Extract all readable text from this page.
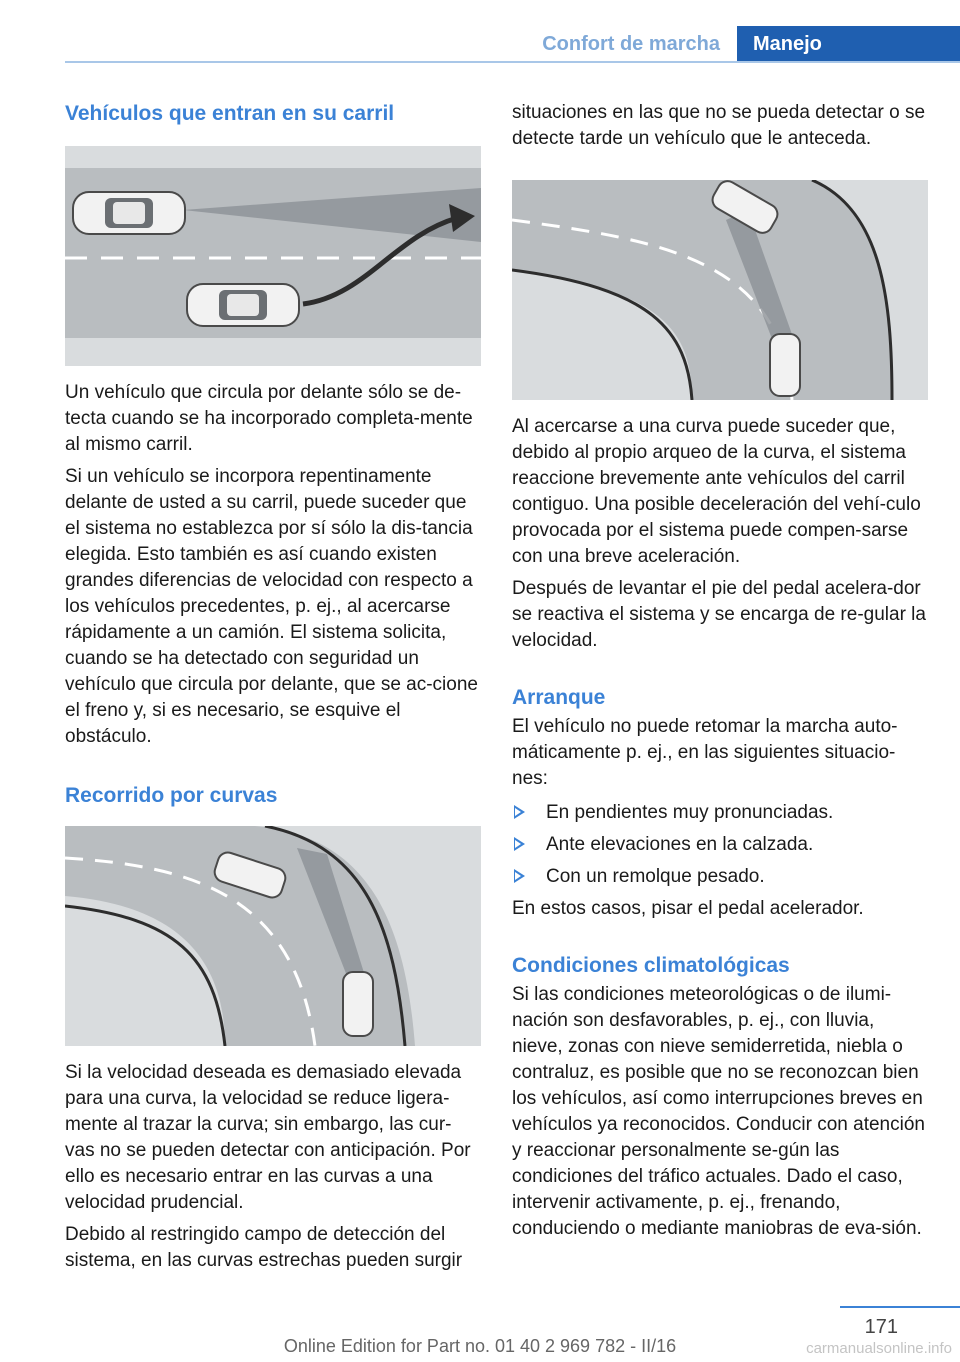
Confort de marcha	Manejo
Vehículos que entran en su carril

Un vehículo que circula por delante sólo se de-tecta cuando se ha incorporado completa-mente al mismo carril.

Si un vehículo se incorpora repentinamente delante de usted a su carril, puede suceder que el sistema no establezca por sí sólo la dis-tancia elegida. Esto también es así cuando existen grandes diferencias de velocidad con respecto a los vehículos precedentes, p. ej., al acercarse rápidamente a un camión. El sistema solicita, cuando se ha detectado con seguridad un vehículo que circula por delante, que se ac-cione el freno y, si es necesario, se esquive el obstáculo.

Recorrido por curvas

Si la velocidad deseada es demasiado elevada para una curva, la velocidad se reduce ligera-mente al trazar la curva; sin embargo, las cur-vas no se pueden detectar con anticipación. Por ello es necesario entrar en las curvas a una velocidad prudencial.

Debido al restringido campo de detección del sistema, en las curvas estrechas pueden surgir

situaciones en las que no se pueda detectar o se detecte tarde un vehículo que le anteceda.

Al acercarse a una curva puede suceder que, debido al propio arqueo de la curva, el sistema reaccione brevemente ante vehículos del carril contiguo. Una posible deceleración del vehí-culo provocada por el sistema puede compen-sarse con una breve aceleración.

Después de levantar el pie del pedal acelera-dor se reactiva el sistema y se encarga de re-gular la velocidad.

Arranque

El vehículo no puede retomar la marcha auto-máticamente p. ej., en las siguientes situacio-nes:

En pendientes muy pronunciadas.
Ante elevaciones en la calzada.
Con un remolque pesado.

En estos casos, pisar el pedal acelerador.

Condiciones climatológicas

Si las condiciones meteorológicas o de ilumi-nación son desfavorables, p. ej., con lluvia, nieve, zonas con nieve semiderretida, niebla o contraluz, es posible que no se reconozcan bien los vehículos, así como interrupciones breves en vehículos ya reconocidos. Conducir con atención y reaccionar personalmente se-gún las condiciones del tráfico actuales. Dado el caso, intervenir activamente, p. ej., frenando, conduciendo o mediante maniobras de eva-sión.

171
Online Edition for Part no. 01 40 2 969 782 - II/16	carmanualsonline.info
